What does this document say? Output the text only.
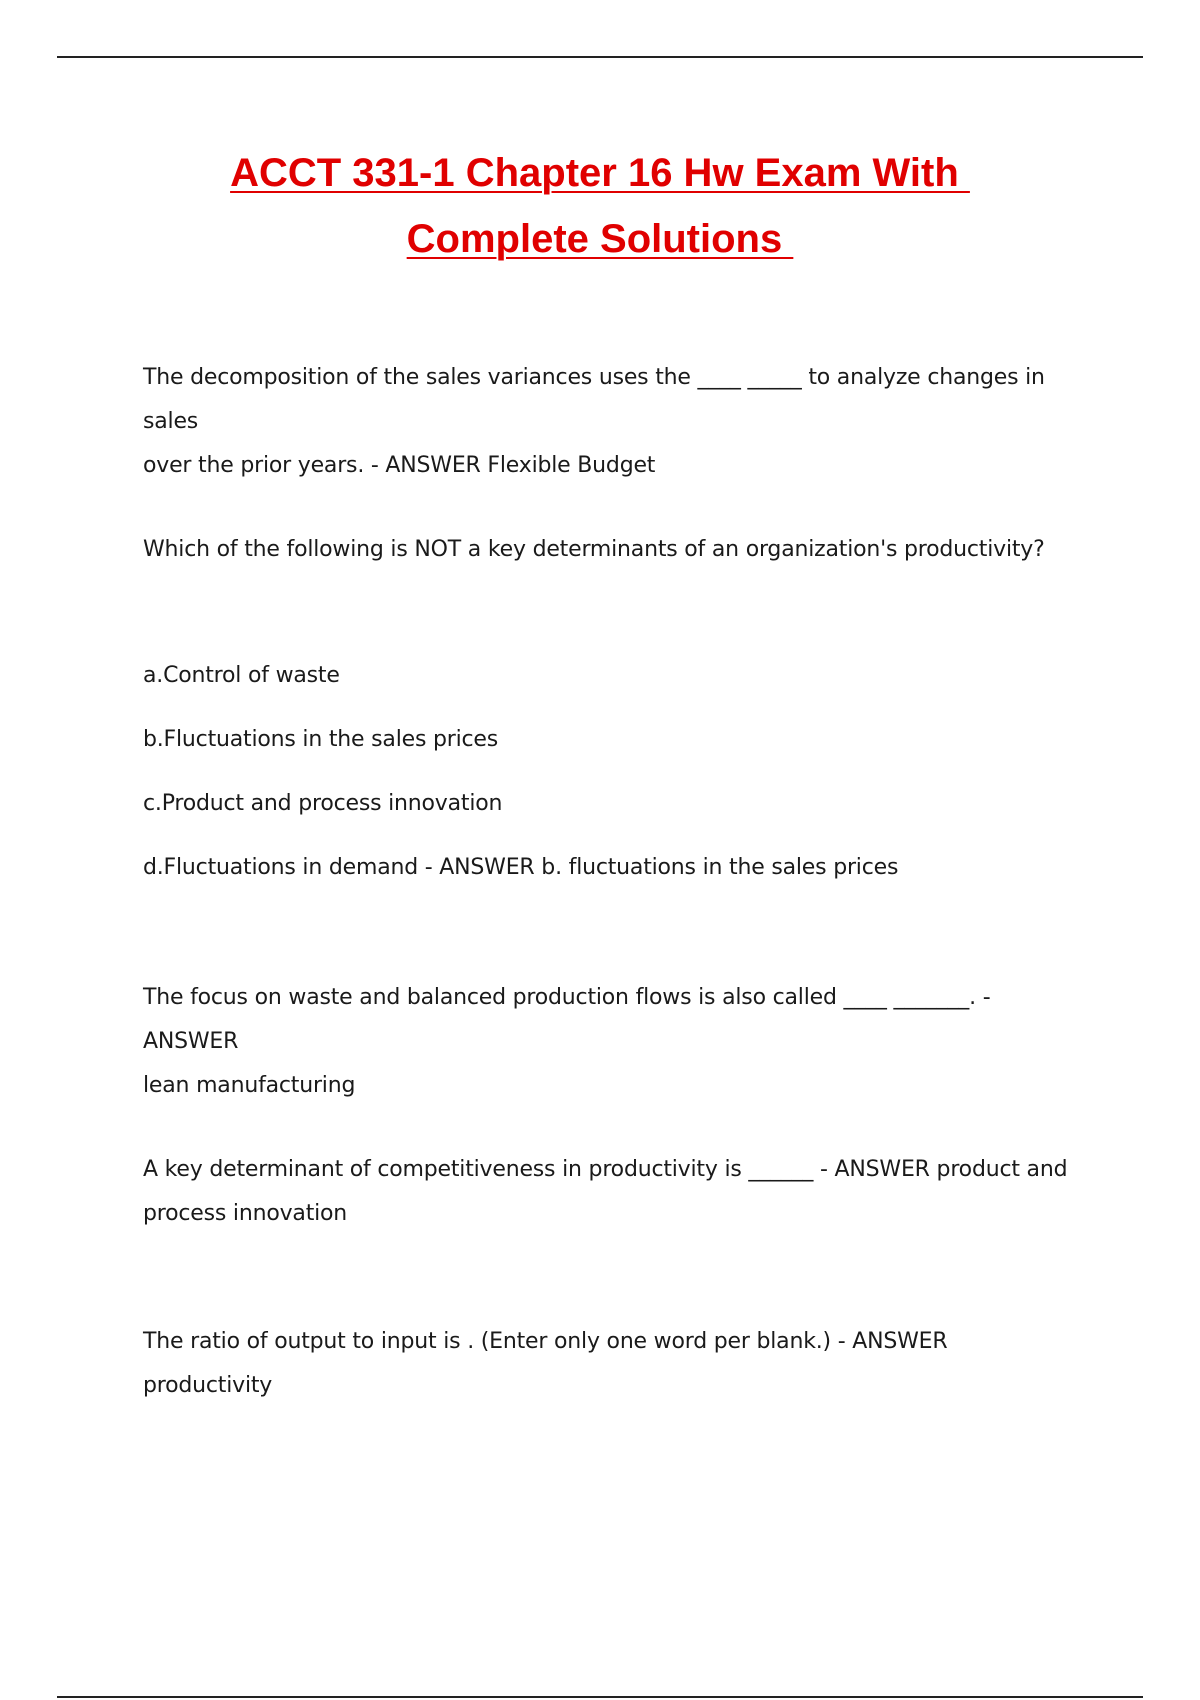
ACCT 331-1 Chapter 16 Hw Exam With
Complete Solutions

The decomposition of the sales variances uses the ____ _____ to analyze changes in sales

over the prior years. - ANSWER Flexible Budget

Which of the following is NOT a key determinants of an organization's productivity?

a.Control of waste
b.Fluctuations in the sales prices
c.Product and process innovation
d.Fluctuations in demand - ANSWER b. fluctuations in the sales prices

The focus on waste and balanced production flows is also called ____ _______. - ANSWER

lean manufacturing

A key determinant of competitiveness in productivity is ______ - ANSWER product and

process innovation

The ratio of output to input is . (Enter only one word per blank.) - ANSWER productivity
